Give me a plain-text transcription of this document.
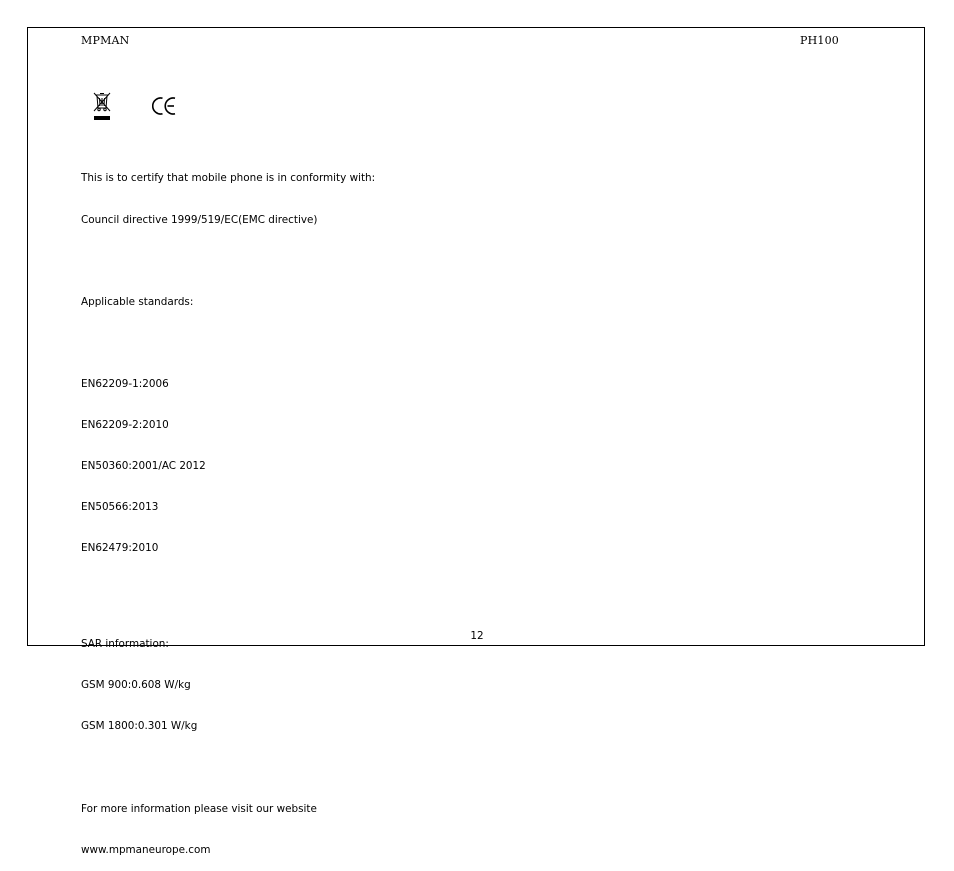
MPMAN	PH100

This is to certify that mobile phone is in conformity with:

Council directive 1999/519/EC(EMC directive)

Applicable standards:

EN62209-1:2006

EN62209-2:2010

EN50360:2001/AC 2012

EN50566:2013

EN62479:2010

SAR information:

GSM 900:0.608 W/kg

GSM 1800:0.301 W/kg

For more information please visit our website

www.mpmaneurope.com

12
